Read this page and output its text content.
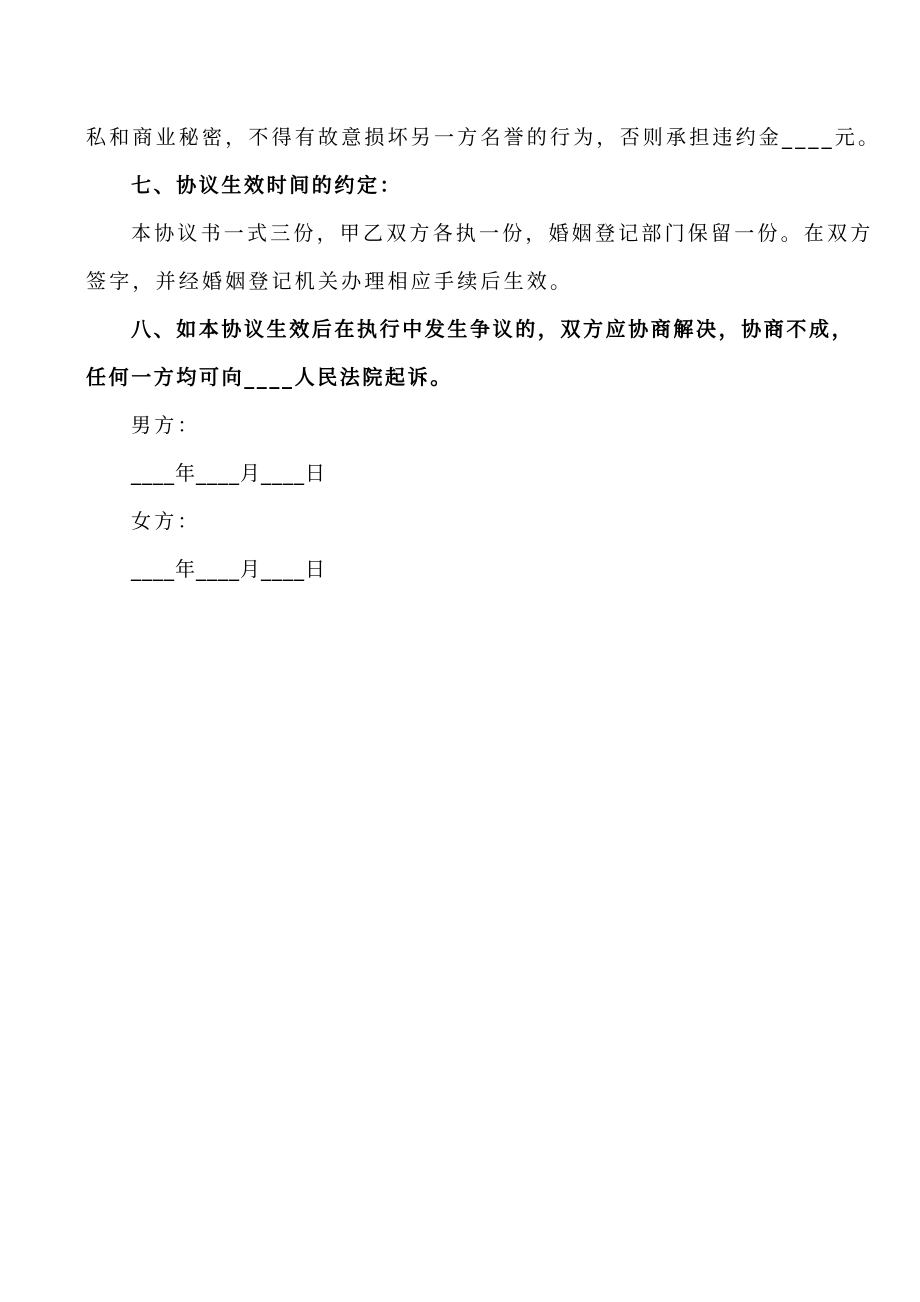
私和商业秘密，不得有故意损坏另一方名誉的行为，否则承担违约金____元。
七、协议生效时间的约定：
本协议书一式三份，甲乙双方各执一份，婚姻登记部门保留一份。在双方
签字，并经婚姻登记机关办理相应手续后生效。
八、如本协议生效后在执行中发生争议的，双方应协商解决，协商不成，
任何一方均可向____人民法院起诉。
男方：
____年____月____日
女方：
____年____月____日
